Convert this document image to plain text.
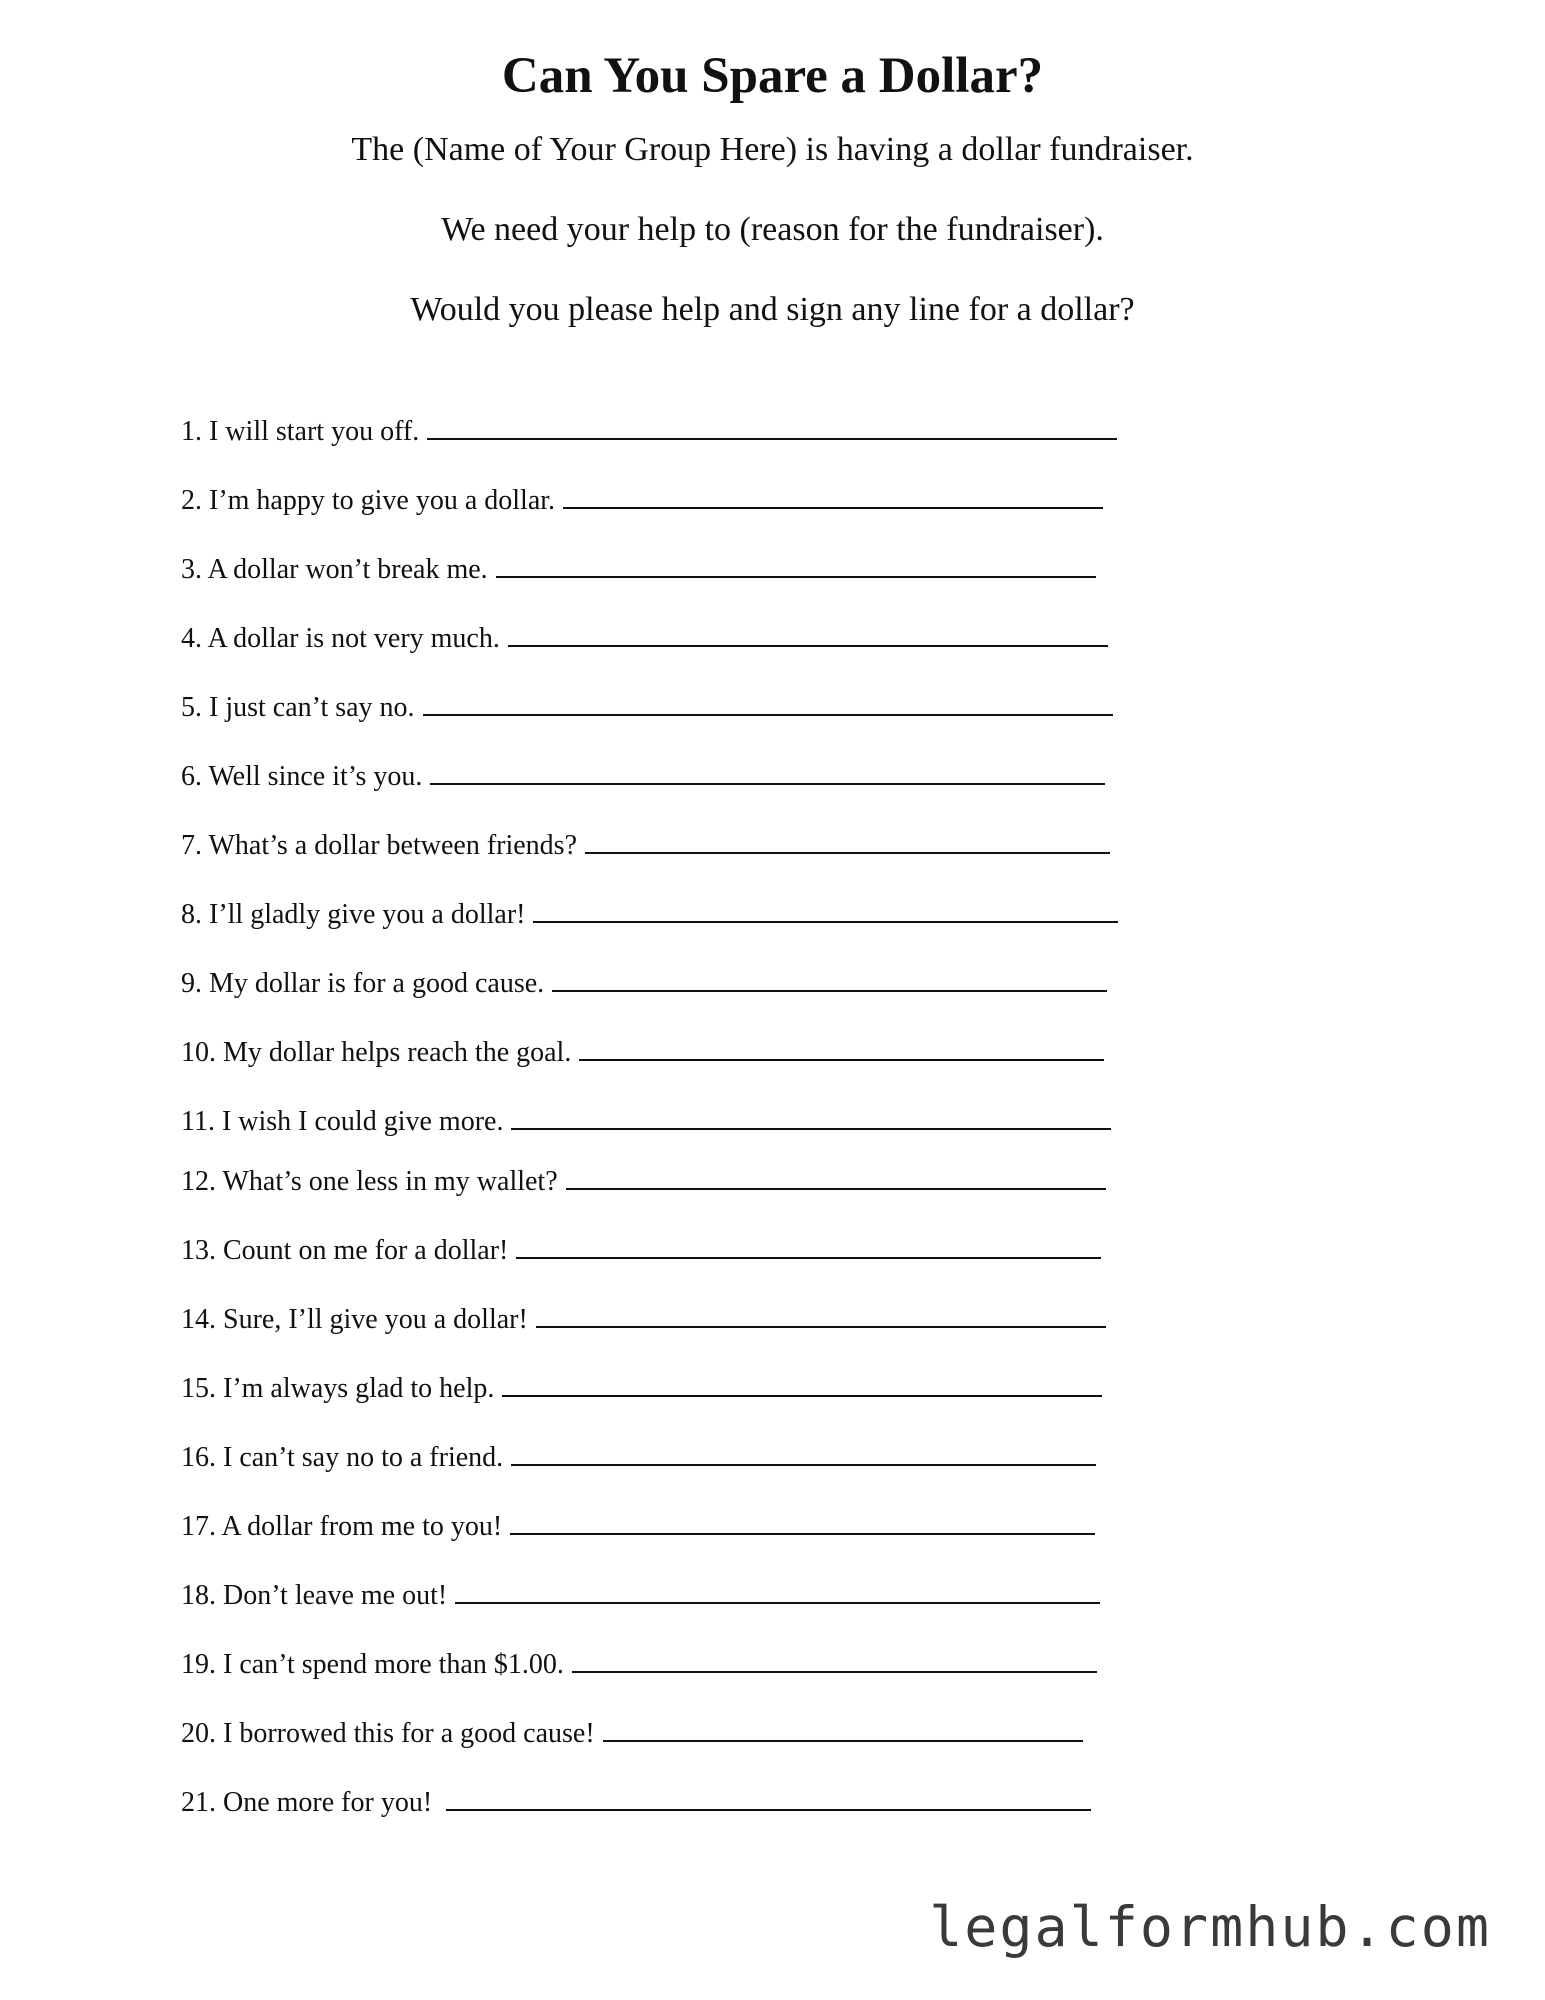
Can You Spare a Dollar?

The (Name of Your Group Here) is having a dollar fundraiser.

We need your help to (reason for the fundraiser).

Would you please help and sign any line for a dollar?

1. I will start you off.
2. I’m happy to give you a dollar.
3. A dollar won’t break me.
4. A dollar is not very much.
5. I just can’t say no.
6. Well since it’s you.
7. What’s a dollar between friends?
8. I’ll gladly give you a dollar!
9. My dollar is for a good cause.
10. My dollar helps reach the goal.
11. I wish I could give more.
12. What’s one less in my wallet?
13. Count on me for a dollar!
14. Sure, I’ll give you a dollar!
15. I’m always glad to help.
16. I can’t say no to a friend.
17. A dollar from me to you!
18. Don’t leave me out!
19. I can’t spend more than $1.00.
20. I borrowed this for a good cause!
21. One more for you!
legalformhub.com
